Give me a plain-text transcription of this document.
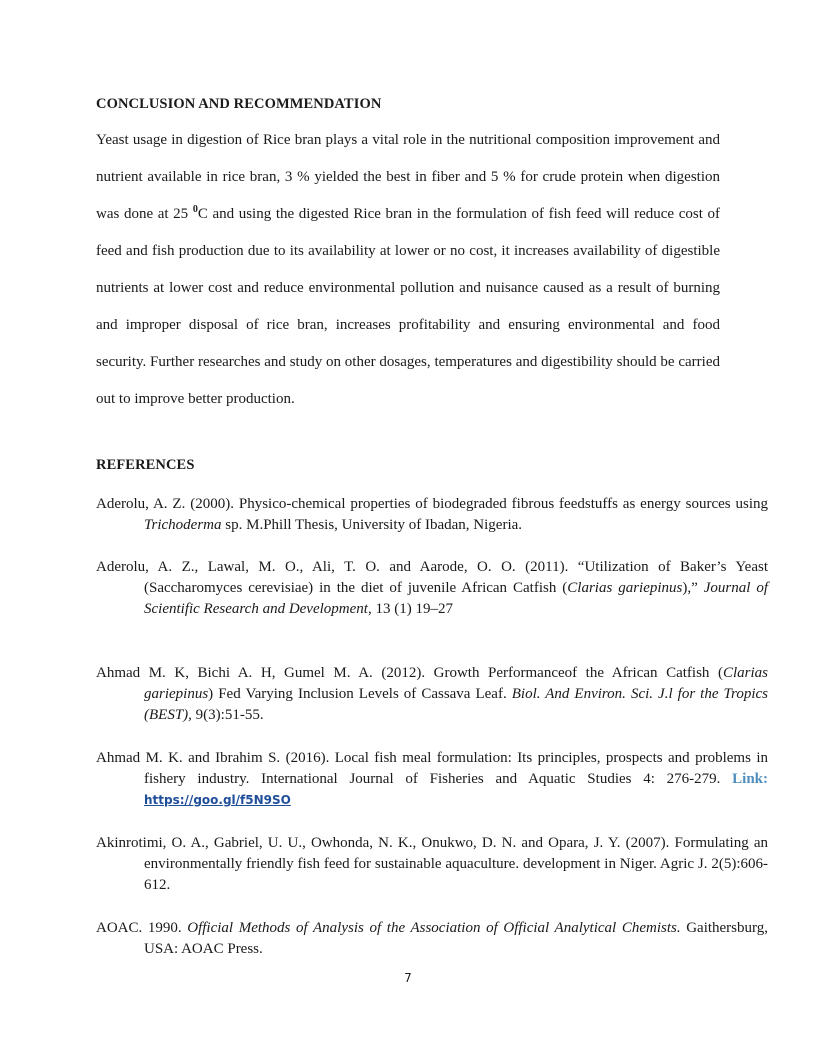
CONCLUSION AND RECOMMENDATION

Yeast usage in digestion of Rice bran plays a vital role in the nutritional composition improvement and nutrient available in rice bran, 3 % yielded the best in fiber and 5 % for crude protein when digestion was done at 25 $^0$C and using the digested Rice bran in the formulation of fish feed will reduce cost of feed and fish production due to its availability at lower or no cost, it increases availability of digestible nutrients at lower cost and reduce environmental pollution and nuisance caused as a result of burning and improper disposal of rice bran, increases profitability and ensuring environmental and food security. Further researches and study on other dosages, temperatures and digestibility should be carried out to improve better production.

REFERENCES

Aderolu, A. Z. (2000). Physico-chemical properties of biodegraded fibrous feedstuffs as energy sources using Trichoderma sp. M.Phill Thesis, University of Ibadan, Nigeria.

Aderolu, A. Z., Lawal, M. O., Ali, T. O. and Aarode, O. O. (2011). “Utilization of Baker’s Yeast (Saccharomyces cerevisiae) in the diet of juvenile African Catfish (Clarias gariepinus),” Journal of Scientific Research and Development, 13 (1) 19–27

Ahmad M. K, Bichi A. H, Gumel M. A. (2012). Growth Performanceof the African Catfish (Clarias gariepinus) Fed Varying Inclusion Levels of Cassava Leaf. Biol. And Environ. Sci. J.l for the Tropics (BEST), 9(3):51-55.

Ahmad M. K. and Ibrahim S. (2016). Local fish meal formulation: Its principles, prospects and problems in fishery industry. International Journal of Fisheries and Aquatic Studies 4: 276-279. Link: https://goo.gl/f5N9SO

Akinrotimi, O. A., Gabriel, U. U., Owhonda, N. K., Onukwo, D. N. and Opara, J. Y. (2007). Formulating an environmentally friendly fish feed for sustainable aquaculture. development in Niger. Agric J. 2(5):606-612.

AOAC. 1990. Official Methods of Analysis of the Association of Official Analytical Chemists. Gaithersburg, USA: AOAC Press.

7
